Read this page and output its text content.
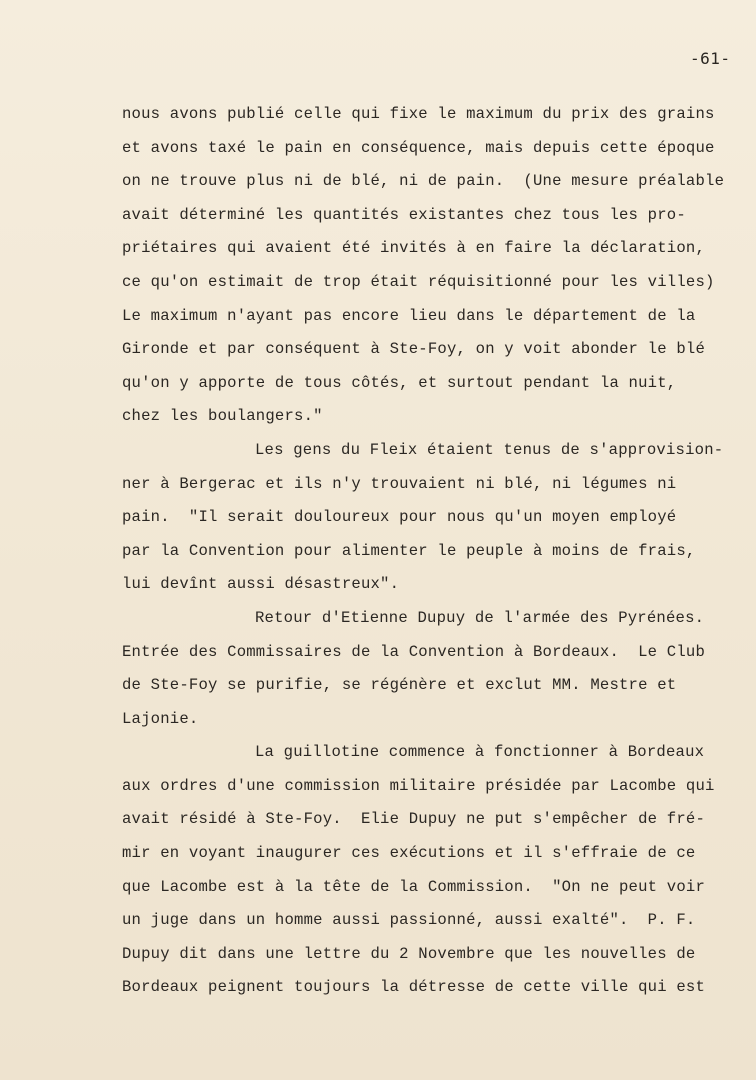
-61-
nous avons publié celle qui fixe le maximum du prix des grains
et avons taxé le pain en conséquence, mais depuis cette époque
on ne trouve plus ni de blé, ni de pain.  (Une mesure préalable
avait déterminé les quantités existantes chez tous les pro-
priétaires qui avaient été invités à en faire la déclaration,
ce qu'on estimait de trop était réquisitionné pour les villes)
Le maximum n'ayant pas encore lieu dans le département de la
Gironde et par conséquent à Ste-Foy, on y voit abonder le blé
qu'on y apporte de tous côtés, et surtout pendant la nuit,
chez les boulangers."
Les gens du Fleix étaient tenus de s'approvision-
ner à Bergerac et ils n'y trouvaient ni blé, ni légumes ni
pain.  "Il serait douloureux pour nous qu'un moyen employé
par la Convention pour alimenter le peuple à moins de frais,
lui devînt aussi désastreux".
Retour d'Etienne Dupuy de l'armée des Pyrénées.
Entrée des Commissaires de la Convention à Bordeaux.  Le Club
de Ste-Foy se purifie, se régénère et exclut MM. Mestre et
Lajonie.
La guillotine commence à fonctionner à Bordeaux
aux ordres d'une commission militaire présidée par Lacombe qui
avait résidé à Ste-Foy.  Elie Dupuy ne put s'empêcher de fré-
mir en voyant inaugurer ces exécutions et il s'effraie de ce
que Lacombe est à la tête de la Commission.  "On ne peut voir
un juge dans un homme aussi passionné, aussi exalté".  P. F.
Dupuy dit dans une lettre du 2 Novembre que les nouvelles de
Bordeaux peignent toujours la détresse de cette ville qui est
